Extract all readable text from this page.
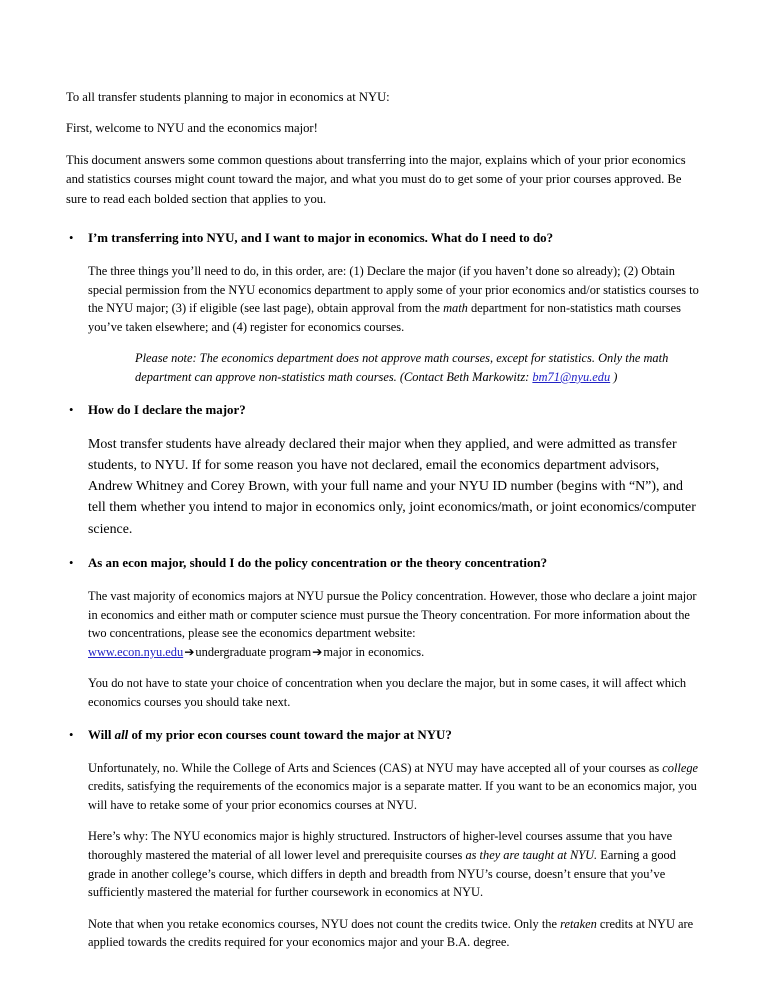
To all transfer students planning to major in economics at NYU:

First, welcome to NYU and the economics major!

This document answers some common questions about transferring into the major, explains which of your prior economics and statistics courses might count toward the major, and what you must do to get some of your prior courses approved. Be sure to read each bolded section that applies to you.

• I’m transferring into NYU, and I want to major in economics. What do I need to do?

The three things you’ll need to do, in this order, are: (1) Declare the major (if you haven’t done so already); (2) Obtain special permission from the NYU economics department to apply some of your prior economics and/or statistics courses to the NYU major; (3) if eligible (see last page), obtain approval from the math department for non-statistics math courses you’ve taken elsewhere; and (4) register for economics courses.

Please note: The economics department does not approve math courses, except for statistics. Only the math department can approve non-statistics math courses. (Contact Beth Markowitz: bm71@nyu.edu )

• How do I declare the major?

Most transfer students have already declared their major when they applied, and were admitted as transfer students, to NYU. If for some reason you have not declared, email the economics department advisors, Andrew Whitney and Corey Brown, with your full name and your NYU ID number (begins with “N”), and tell them whether you intend to major in economics only, joint economics/math, or joint economics/computer science.

• As an econ major, should I do the policy concentration or the theory concentration?

The vast majority of economics majors at NYU pursue the Policy concentration. However, those who declare a joint major in economics and either math or computer science must pursue the Theory concentration. For more information about the two concentrations, please see the economics department website:
www.econ.nyu.edu➔undergraduate program➔major in economics.

You do not have to state your choice of concentration when you declare the major, but in some cases, it will affect which economics courses you should take next.

• Will all of my prior econ courses count toward the major at NYU?

Unfortunately, no. While the College of Arts and Sciences (CAS) at NYU may have accepted all of your courses as college credits, satisfying the requirements of the economics major is a separate matter. If you want to be an economics major, you will have to retake some of your prior economics courses at NYU.

Here’s why: The NYU economics major is highly structured. Instructors of higher-level courses assume that you have thoroughly mastered the material of all lower level and prerequisite courses as they are taught at NYU. Earning a good grade in another college’s course, which differs in depth and breadth from NYU’s course, doesn’t ensure that you’ve sufficiently mastered the material for further coursework in economics at NYU.

Note that when you retake economics courses, NYU does not count the credits twice. Only the retaken credits at NYU are applied towards the credits required for your economics major and your B.A. degree.
